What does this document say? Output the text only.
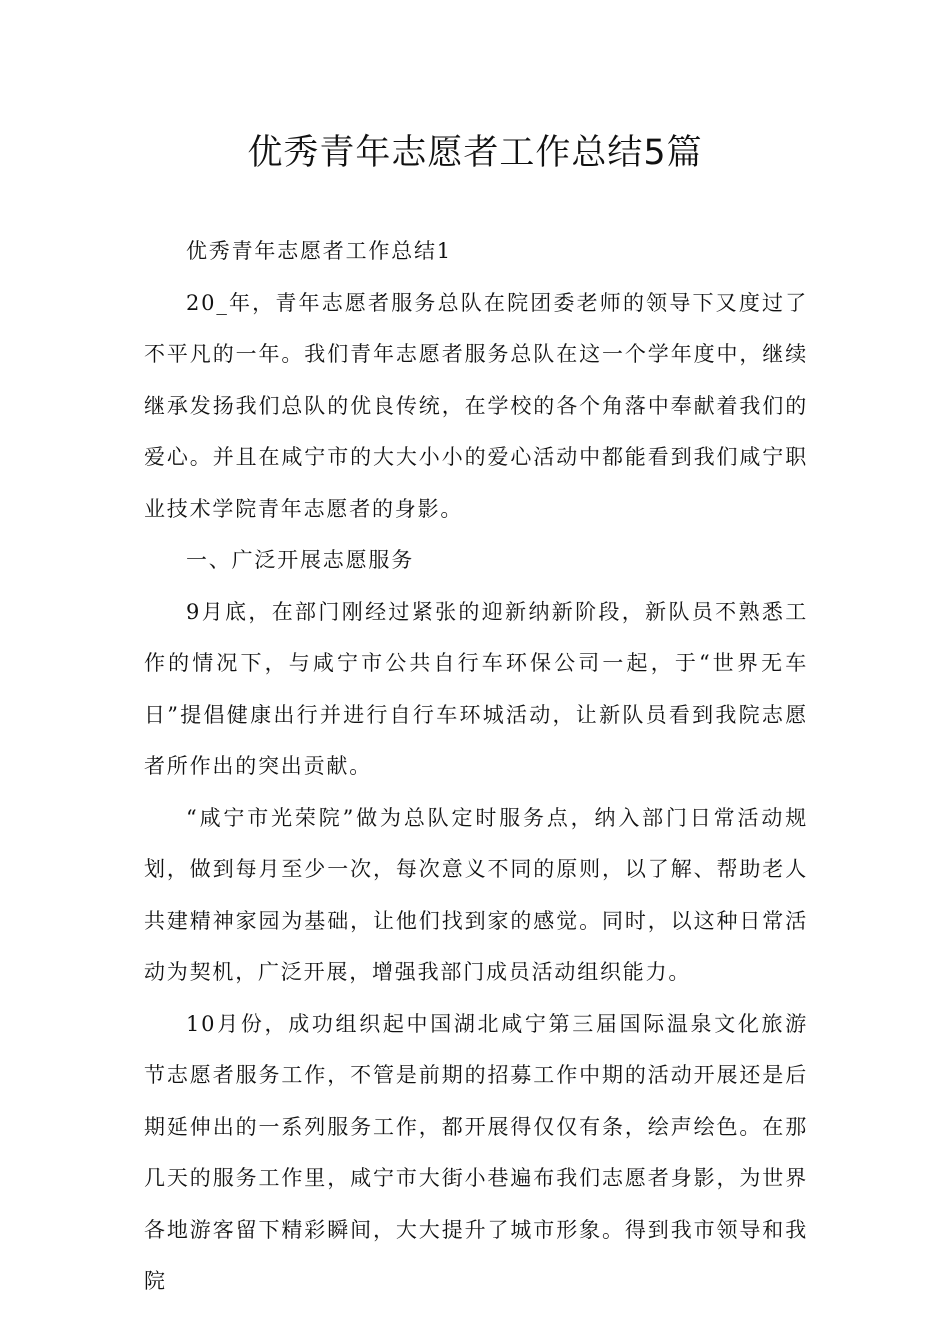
优秀青年志愿者工作总结5篇

优秀青年志愿者工作总结1

20_年，青年志愿者服务总队在院团委老师的领导下又度过了不平凡的一年。我们青年志愿者服务总队在这一个学年度中，继续继承发扬我们总队的优良传统，在学校的各个角落中奉献着我们的爱心。并且在咸宁市的大大小小的爱心活动中都能看到我们咸宁职业技术学院青年志愿者的身影。

一、广泛开展志愿服务

9月底，在部门刚经过紧张的迎新纳新阶段，新队员不熟悉工作的情况下，与咸宁市公共自行车环保公司一起，于“世界无车日”提倡健康出行并进行自行车环城活动，让新队员看到我院志愿者所作出的突出贡献。

“咸宁市光荣院”做为总队定时服务点，纳入部门日常活动规划，做到每月至少一次，每次意义不同的原则，以了解、帮助老人共建精神家园为基础，让他们找到家的感觉。同时，以这种日常活动为契机，广泛开展，增强我部门成员活动组织能力。

10月份，成功组织起中国湖北咸宁第三届国际温泉文化旅游节志愿者服务工作，不管是前期的招募工作中期的活动开展还是后期延伸出的一系列服务工作，都开展得仅仅有条，绘声绘色。在那几天的服务工作里，咸宁市大街小巷遍布我们志愿者身影，为世界各地游客留下精彩瞬间，大大提升了城市形象。得到我市领导和我院
